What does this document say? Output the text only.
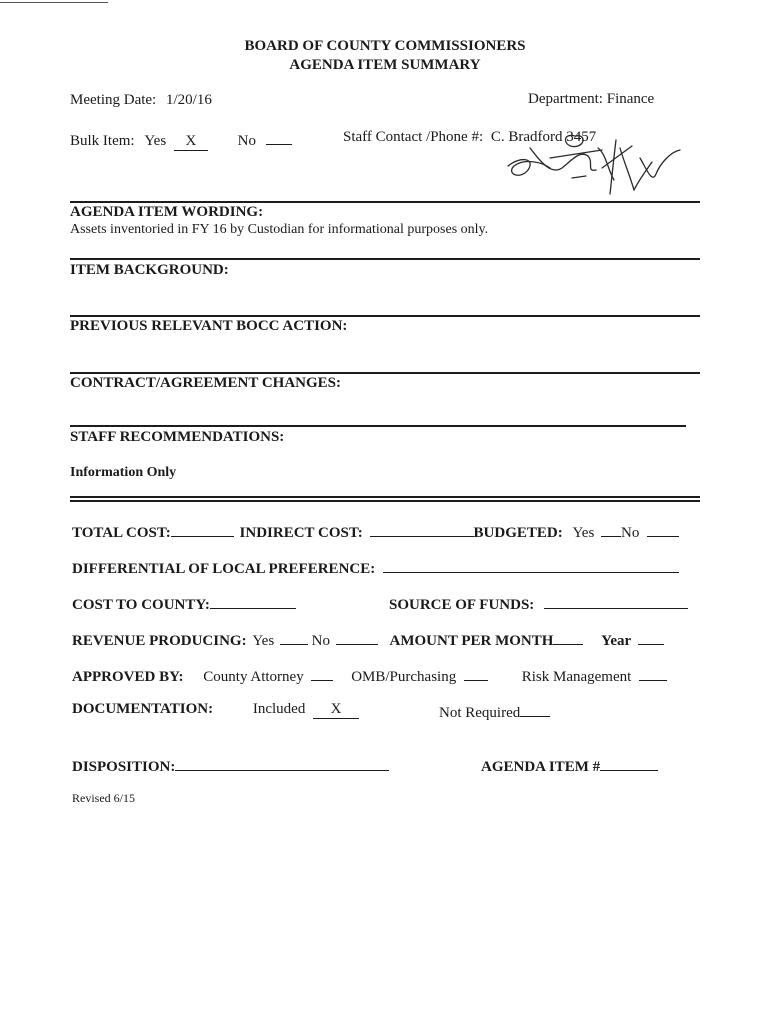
BOARD OF COUNTY COMMISSIONERS
AGENDA ITEM SUMMARY
Meeting Date: 1/20/16	Department: Finance
Bulk Item: Yes X	No	Staff Contact /Phone #: C. Bradford 3457
AGENDA ITEM WORDING:
Assets inventoried in FY 16 by Custodian for informational purposes only.
ITEM BACKGROUND:
PREVIOUS RELEVANT BOCC ACTION:
CONTRACT/AGREEMENT CHANGES:
STAFF RECOMMENDATIONS:
Information Only
TOTAL COST:	INDIRECT COST:	BUDGETED: Yes No
DIFFERENTIAL OF LOCAL PREFERENCE:
COST TO COUNTY:	SOURCE OF FUNDS:
REVENUE PRODUCING: Yes	No	AMOUNT PER MONTH	Year
APPROVED BY: County Attorney	OMB/Purchasing	Risk Management
DOCUMENTATION:	Included X	Not Required
DISPOSITION:	AGENDA ITEM #
Revised 6/15
